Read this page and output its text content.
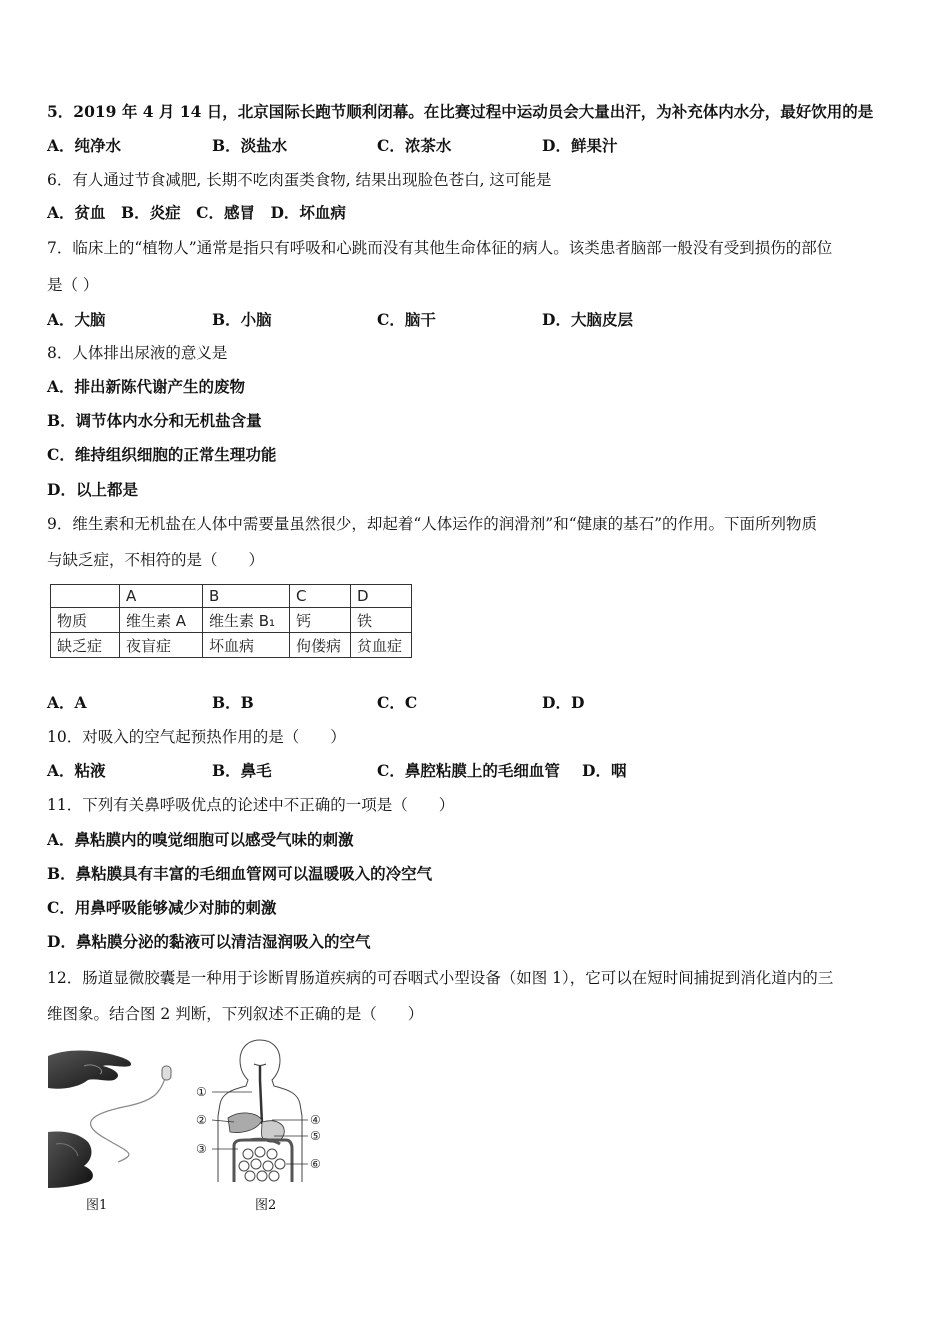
5．2019 年 4 月 14 日，北京国际长跑节顺利闭幕。在比赛过程中运动员会大量出汗，为补充体内水分，最好饮用的是
A．纯净水	B．淡盐水	C．浓茶水	D．鲜果汁
6．有人通过节食减肥, 长期不吃肉蛋类食物, 结果出现脸色苍白, 这可能是
A．贫血　B．炎症　C．感冒　D．坏血病
7．临床上的“植物人”通常是指只有呼吸和心跳而没有其他生命体征的病人。该类患者脑部一般没有受到损伤的部位
是（ ）
A．大脑	B．小脑	C．脑干	D．大脑皮层
8．人体排出尿液的意义是
A．排出新陈代谢产生的废物
B．调节体内水分和无机盐含量
C．维持组织细胞的正常生理功能
D．以上都是
9．维生素和无机盐在人体中需要量虽然很少，却起着“人体运作的润滑剂”和“健康的基石”的作用。下面所列物质
与缺乏症，不相符的是（　　）
	A	B	C	D
物质	维生素 A	维生素 B₁	钙	铁
缺乏症	夜盲症	坏血病	佝偻病	贫血症
A．A	B．B	C．C	D．D
10．对吸入的空气起预热作用的是（　　）
A．粘液	B．鼻毛	C．鼻腔粘膜上的毛细血管 D．咽
11．下列有关鼻呼吸优点的论述中不正确的一项是（　　）
A．鼻粘膜内的嗅觉细胞可以感受气味的刺激
B．鼻粘膜具有丰富的毛细血管网可以温暖吸入的冷空气
C．用鼻呼吸能够减少对肺的刺激
D．鼻粘膜分泌的黏液可以清洁湿润吸入的空气
12．肠道显微胶囊是一种用于诊断胃肠道疾病的可吞咽式小型设备（如图 1），它可以在短时间捕捉到消化道内的三
维图象。结合图 2 判断，下列叙述不正确的是（　　）
图1
①
②
③
④
⑤
⑥
图2
